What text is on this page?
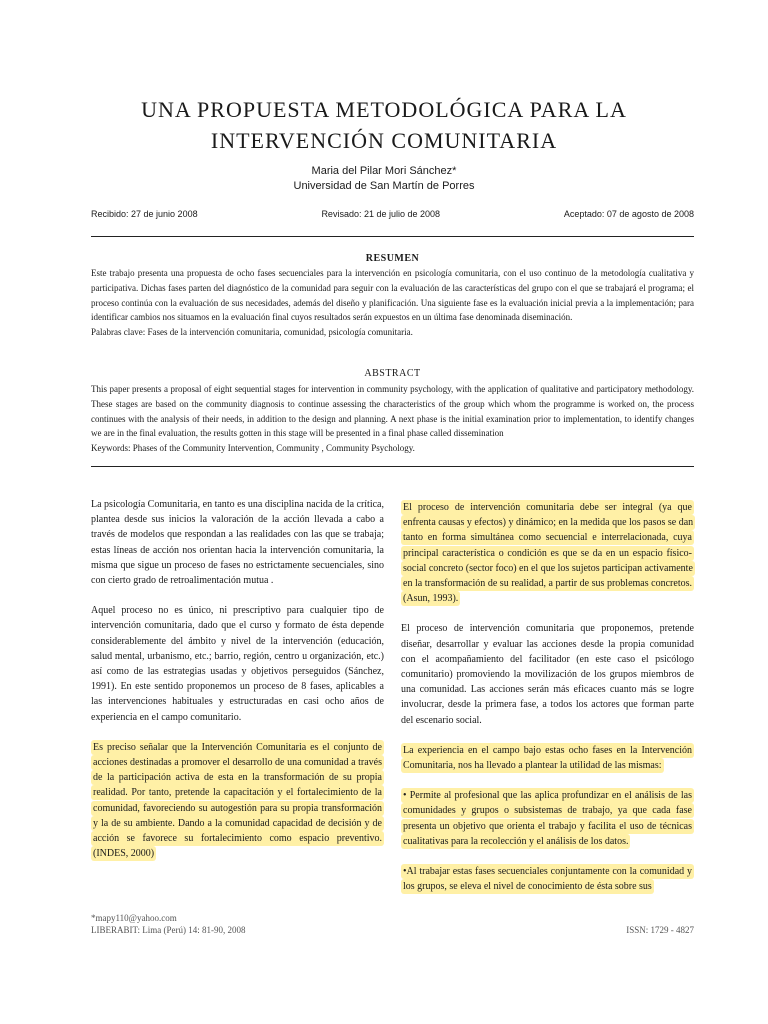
UNA PROPUESTA METODOLÓGICA PARA LA
INTERVENCIÓN COMUNITARIA
Maria del Pilar Mori Sánchez*
Universidad de San Martín de Porres
Recibido: 27 de junio 2008	Revisado: 21 de julio de 2008	Aceptado: 07 de agosto de 2008
RESUMEN

Este trabajo presenta una propuesta de ocho fases secuenciales para la intervención en psicología comunitaria, con el uso continuo de la metodología cualitativa y participativa. Dichas fases parten del diagnóstico de la comunidad para seguir con la evaluación de las características del grupo con el que se trabajará el programa; el proceso continúa con la evaluación de sus necesidades, además del diseño y planificación. Una siguiente fase es la evaluación inicial previa a la implementación; para identificar cambios nos situamos en la evaluación final cuyos resultados serán expuestos en un última fase denominada diseminación.

Palabras clave: Fases de la intervención comunitaria, comunidad, psicología comunitaria.

ABSTRACT

This paper presents a proposal of eight sequential stages for intervention in community psychology, with the application of qualitative and participatory methodology. These stages are based on the community diagnosis to continue assessing the characteristics of the group which whom the programme is worked on, the process continues with the analysis of their needs, in addition to the design and planning. A next phase is the initial examination prior to implementation, to identify changes we are in the final evaluation, the results gotten in this stage will be presented in a final phase called dissemination

Keywords: Phases of the Community Intervention, Community , Community Psychology.

La psicología Comunitaria, en tanto es una disciplina nacida de la crítica, plantea desde sus inicios la valoración de la acción llevada a cabo a través de modelos que respondan a las realidades con las que se trabaja; estas líneas de acción nos orientan hacia la intervención comunitaria, la misma que sigue un proceso de fases no estrictamente secuenciales, sino con cierto grado de retroalimentación mutua .

Aquel proceso no es único, ni prescriptivo para cualquier tipo de intervención comunitaria, dado que el curso y formato de ésta depende considerablemente del ámbito y nivel de la intervención (educación, salud mental, urbanismo, etc.; barrio, región, centro u organización, etc.) así como de las estrategias usadas y objetivos perseguidos (Sánchez, 1991). En este sentido proponemos un proceso de 8 fases, aplicables a las intervenciones habituales y estructuradas en casi ocho años de experiencia en el campo comunitario.

Es preciso señalar que la Intervención Comunitaria es el conjunto de acciones destinadas a promover el desarrollo de una comunidad a través de la participación activa de esta en la transformación de su propia realidad. Por tanto, pretende la capacitación y el fortalecimiento de la comunidad, favoreciendo su autogestión para su propia transformación y la de su ambiente. Dando a la comunidad capacidad de decisión y de acción se favorece su fortalecimiento como espacio preventivo. (INDES, 2000)

El proceso de intervención comunitaria debe ser integral (ya que enfrenta causas y efectos) y dinámico; en la medida que los pasos se dan tanto en forma simultánea como secuencial e interrelacionada, cuya principal característica o condición es que se da en un espacio físico-social concreto (sector foco) en el que los sujetos participan activamente en la transformación de su realidad, a partir de sus problemas concretos. (Asun, 1993).

El proceso de intervención comunitaria que proponemos, pretende diseñar, desarrollar y evaluar las acciones desde la propia comunidad con el acompañamiento del facilitador (en este caso el psicólogo comunitario) promoviendo la movilización de los grupos miembros de una comunidad. Las acciones serán más eficaces cuanto más se logre involucrar, desde la primera fase, a todos los actores que forman parte del escenario social.

La experiencia en el campo bajo estas ocho fases en la Intervención Comunitaria, nos ha llevado a plantear la utilidad de las mismas:

• Permite al profesional que las aplica profundizar en el análisis de las comunidades y grupos o subsistemas de trabajo, ya que cada fase presenta un objetivo que orienta el trabajo y facilita el uso de técnicas cualitativas para la recolección y el análisis de los datos.

•Al trabajar estas fases secuenciales conjuntamente con la comunidad y los grupos, se eleva el nivel de conocimiento de ésta sobre sus

*mapy110@yahoo.com
LIBERABIT: Lima (Perú) 14: 81-90, 2008	ISSN: 1729 - 4827
